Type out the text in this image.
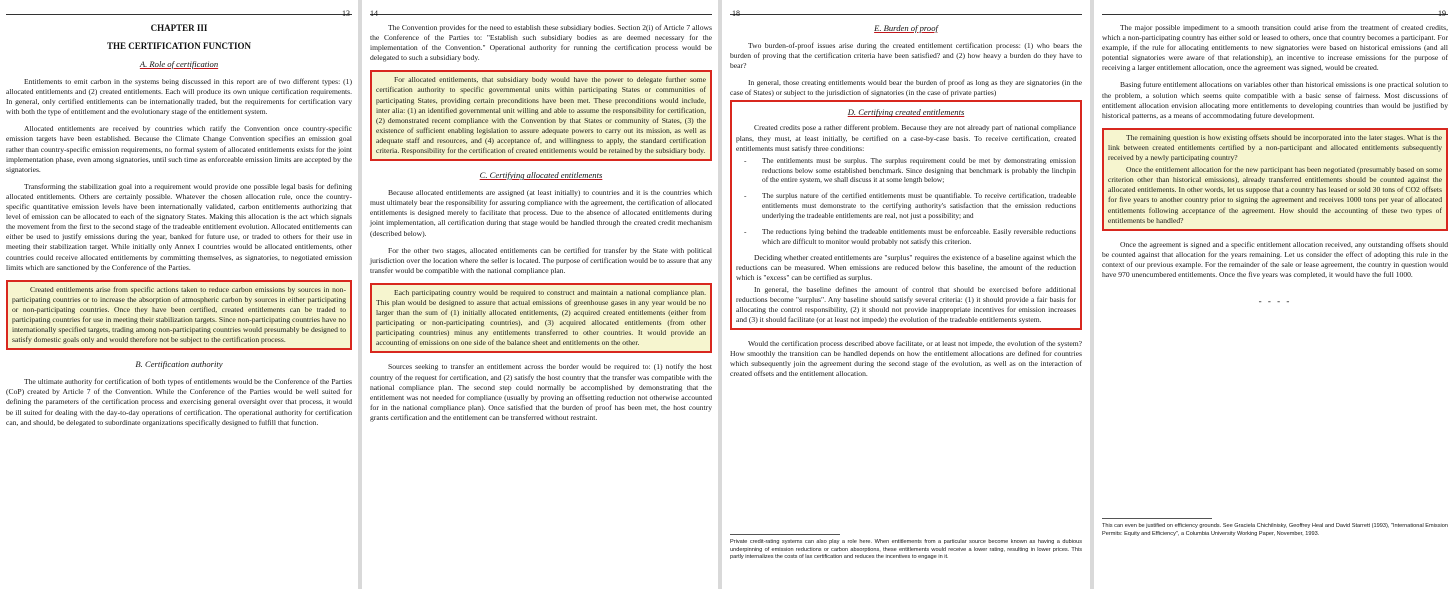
13
CHAPTER III
THE CERTIFICATION FUNCTION
A. Role of certification

Entitlements to emit carbon in the systems being discussed in this report are of two different types: (1) allocated entitlements and (2) created entitlements. Each will produce its own unique certification requirements. In general, only certified entitlements can be internationally traded, but the requirements for certification vary with both the type of entitlement and the evolutionary stage of the entitlement system.

Allocated entitlements are received by countries which ratify the Convention once country-specific emission targets have been established. Because the Climate Change Convention specifies an emission goal rather than country-specific emission requirements, no formal system of allocated entitlements exists for the joint implementation phase, even among signatories, until such time as enforceable emission limits are accepted by the signatories.

Transforming the stabilization goal into a requirement would provide one possible legal basis for defining allocated entitlements. Others are certainly possible. Whatever the chosen allocation rule, once the country-specific quantitative emission levels have been internationally validated, carbon entitlements authorizing that level of emission can be allocated to each of the signatory States. Making this allocation is the act which signals the movement from the first to the second stage of the tradeable entitlement evolution. Allocated entitlements can either be used to justify emissions during the year, banked for future use, or traded to others for their use in meeting their stabilization target. While initially only Annex I countries would be allocated entitlements, other countries could receive allocated entitlements by committing themselves, as signatories, to negotiated emission limits which are sanctioned by the Conference of the Parties.

Created entitlements arise from specific actions taken to reduce carbon emissions by sources in non-participating countries or to increase the absorption of atmospheric carbon by sources in either participating or non-participating countries. Once they have been certified, created entitlements can be traded to participating countries for use in meeting their stabilization targets. Since non-participating countries have no internationally specified targets, trading among non-participating countries would presumably be designed to satisfy domestic goals only and would therefore not be subject to the certification process.

B. Certification authority

The ultimate authority for certification of both types of entitlements would be the Conference of the Parties (CoP) created by Article 7 of the Convention. While the Conference of the Parties would be well suited for defining the parameters of the certification process and exercising general oversight over that process, it would be ill suited for dealing with the day-to-day operations of certification. The operational authority for certification can, and should, be delegated to subordinate organizations specifically designed to fulfill that function.

14

The Convention provides for the need to establish these subsidiary bodies. Section 2(i) of Article 7 allows the Conference of the Parties to: "Establish such subsidiary bodies as are deemed necessary for the implementation of the Convention." Operational authority for running the certification process would be delegated to such a subsidiary body.

For allocated entitlements, that subsidiary body would have the power to delegate further some certification authority to specific governmental units within participating States or communities of participating States, providing certain preconditions have been met. These preconditions would include, inter alia: (1) an identified governmental unit willing and able to assume the responsibility for certification, (2) demonstrated recent compliance with the Convention by that States or community of States, (3) the existence of sufficient enabling legislation to assure adequate powers to carry out its mission, as well as adequate staff and resources, and (4) acceptance of, and willingness to apply, the standard certification criteria. Responsibility for the certification of created entitlements would be retained by the subsidiary body.

C. Certifying allocated entitlements

Because allocated entitlements are assigned (at least initially) to countries and it is the countries which must ultimately bear the responsibility for assuring compliance with the agreement, the certification of allocated entitlements is designed merely to facilitate that process. Due to the absence of allocated entitlements during joint implementation, all certification during that stage would be handled through the created credit mechanism (described below).

For the other two stages, allocated entitlements can be certified for transfer by the State with political jurisdiction over the location where the seller is located. The purpose of certification would be to assure that any transfer would be compatible with the national compliance plan.

Each participating country would be required to construct and maintain a national compliance plan. This plan would be designed to assure that actual emissions of greenhouse gases in any year would be no larger than the sum of (1) initially allocated entitlements, (2) acquired created entitlements (either from participating or non-participating countries), and (3) acquired allocated entitlements (from other participating countries) minus any entitlements transferred to other countries. It would provide an accounting of emissions on one side of the balance sheet and entitlements on the other.

Sources seeking to transfer an entitlement across the border would be required to: (1) notify the host country of the request for certification, and (2) satisfy the host country that the transfer was compatible with the national compliance plan. The second step could normally be accomplished by demonstrating that the entitlement was not needed for compliance (usually by proving an offsetting reduction not otherwise accounted for in the national compliance plan). Once satisfied that the burden of proof has been met, the host country grants certification and the entitlement can be transferred without restraint.

18
E. Burden of proof

Two burden-of-proof issues arise during the created entitlement certification process: (1) who bears the burden of proving that the certification criteria have been satisfied? and (2) how heavy a burden do they have to bear?

In general, those creating entitlements would bear the burden of proof as long as they are signatories (in the case of States) or subject to the jurisdiction of signatories (in the case of private parties)

D. Certifying created entitlements

Created credits pose a rather different problem. Because they are not already part of national compliance plans, they must, at least initially, be certified on a case-by-case basis. To receive certification, created entitlements must satisfy three conditions:

- The entitlements must be surplus. The surplus requirement could be met by demonstrating emission reductions below some established benchmark. Since designing that benchmark is probably the linchpin of the entire system, we shall discuss it at some length below;
- The surplus nature of the certified entitlements must be quantifiable. To receive certification, tradeable entitlements must demonstrate to the certifying authority's satisfaction that the emission reductions underlying the tradeable entitlements are real, not just a possibility; and
- The reductions lying behind the tradeable entitlements must be enforceable. Easily reversible reductions which are difficult to monitor would probably not satisfy this criterion.

Deciding whether created entitlements are "surplus" requires the existence of a baseline against which the reductions can be measured. When emissions are reduced below this baseline, the amount of the reduction which is "excess" can be certified as surplus.

In general, the baseline defines the amount of control that should be exercised before additional reductions become "surplus". Any baseline should satisfy several criteria: (1) it should provide a fair basis for allocating the control responsibility, (2) it should not provide inappropriate incentives for emission increases and (3) it should facilitate (or at least not impede) the evolution of the tradeable entitlements system.

Would the certification process described above facilitate, or at least not impede, the evolution of the system? How smoothly the transition can be handled depends on how the entitlement allocations are defined for countries which subsequently join the agreement during the second stage of the evolution, as well as on the interaction of created offsets and the entitlement allocation.

Private credit-rating systems can also play a role here. When entitlements from a particular source become known as having a dubious underpinning of emission reductions or carbon absorptions, these entitlements would receive a lower rating, resulting in lower prices. This partly internalizes the costs of lax certification and reduces the incentives to engage in it.
19

The major possible impediment to a smooth transition could arise from the treatment of created credits, which a non-participating country has either sold or leased to others, once that country becomes a participant. For example, if the rule for allocating entitlements to new signatories were based on historical emissions (and all potential signatories were aware of that relationship), an incentive to increase emissions for the purpose of receiving a larger entitlement allocation, once the agreement was signed, would be created.

Basing future entitlement allocations on variables other than historical emissions is one practical solution to the problem, a solution which seems quite compatible with a basic sense of fairness. Most discussions of entitlement allocation envision allocating more entitlements to developing countries than would be justified by historical patterns, as a means of accommodating future development.

The remaining question is how existing offsets should be incorporated into the later stages. What is the link between created entitlements certified by a non-participant and allocated entitlements subsequently received by a newly participating country?

Once the entitlement allocation for the new participant has been negotiated (presumably based on some criterion other than historical emissions), already transferred entitlements should be counted against the allocated entitlements. In other words, let us suppose that a country has leased or sold 30 tons of CO2 offsets for five years to another country prior to signing the agreement and receives 1000 tons per year of allocated entitlements following acceptance of the agreement. How should the accounting of these two types of entitlements be handled?

Once the agreement is signed and a specific entitlement allocation received, any outstanding offsets should be counted against that allocation for the years remaining. Let us consider the effect of adopting this rule in the context of our previous example. For the remainder of the sale or lease agreement, the country in question would have 970 unencumbered entitlements. Once the five years was completed, it would have the full 1000.

- - - -
This can even be justified on efficiency grounds. See Graciela Chichilnisky, Geoffrey Heal and David Starrett (1993), "International Emission Permits: Equity and Efficiency", a Columbia University Working Paper, November, 1993.
